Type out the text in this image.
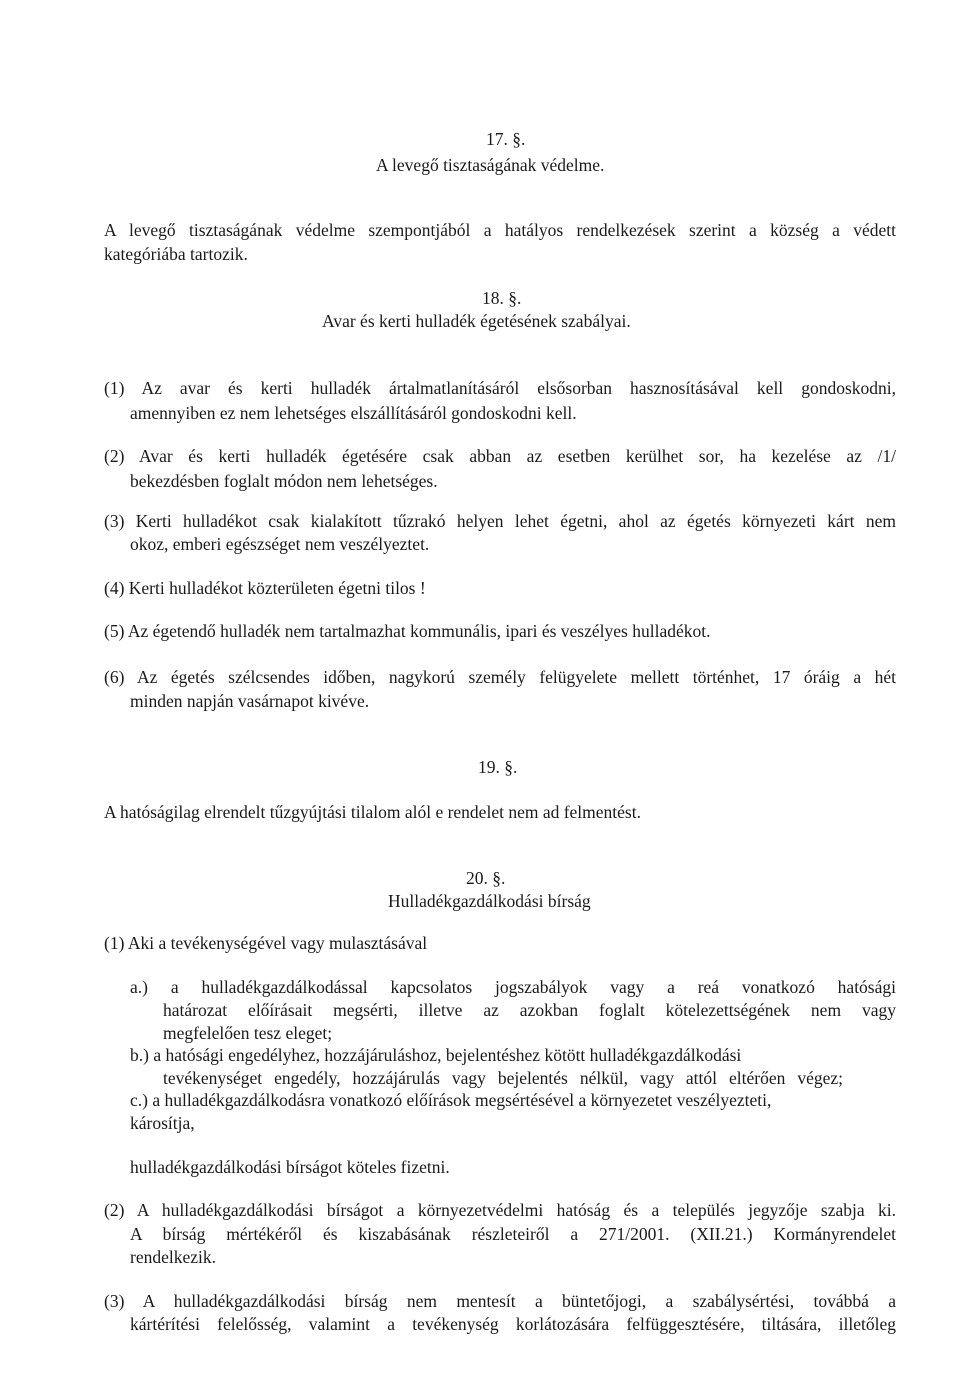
17. §.
A levegő tisztaságának védelme.
A levegő tisztaságának védelme szempontjából a hatályos rendelkezések szerint a község a védett
kategóriába tartozik.
18. §.
Avar és kerti hulladék égetésének szabályai.
(1) Az avar és kerti hulladék ártalmatlanításáról elsősorban hasznosításával kell gondoskodni,
amennyiben ez nem lehetséges elszállításáról gondoskodni kell.
(2) Avar és kerti hulladék égetésére csak abban az esetben kerülhet sor, ha kezelése az /1/
bekezdésben foglalt módon nem lehetséges.
(3) Kerti hulladékot csak kialakított tűzrakó helyen lehet égetni, ahol az égetés környezeti kárt nem
okoz, emberi egészséget nem veszélyeztet.
(4) Kerti hulladékot közterületen égetni tilos !
(5) Az égetendő hulladék nem tartalmazhat kommunális, ipari és veszélyes hulladékot.
(6) Az égetés szélcsendes időben, nagykorú személy felügyelete mellett történhet, 17 óráig a hét
minden napján vasárnapot kivéve.
19. §.
A hatóságilag elrendelt tűzgyújtási tilalom alól e rendelet nem ad felmentést.
20. §.
Hulladékgazdálkodási bírság
(1) Aki a tevékenységével vagy mulasztásával
a.) a hulladékgazdálkodással kapcsolatos jogszabályok vagy a reá vonatkozó hatósági
határozat előírásait megsérti, illetve az azokban foglalt kötelezettségének nem vagy
megfelelően tesz eleget;
b.) a hatósági engedélyhez, hozzájáruláshoz, bejelentéshez kötött hulladékgazdálkodási
tevékenységet engedély, hozzájárulás vagy bejelentés nélkül, vagy attól eltérően végez;
c.) a hulladékgazdálkodásra vonatkozó előírások megsértésével a környezetet veszélyezteti,
károsítja,
hulladékgazdálkodási bírságot köteles fizetni.
(2) A hulladékgazdálkodási bírságot a környezetvédelmi hatóság és a település jegyzője szabja ki.
A bírság mértékéről és kiszabásának részleteiről a 271/2001. (XII.21.) Kormányrendelet
rendelkezik.
(3) A hulladékgazdálkodási bírság nem mentesít a büntetőjogi, a szabálysértési, továbbá a
kártérítési felelősség, valamint a tevékenység korlátozására felfüggesztésére, tiltására, illetőleg
